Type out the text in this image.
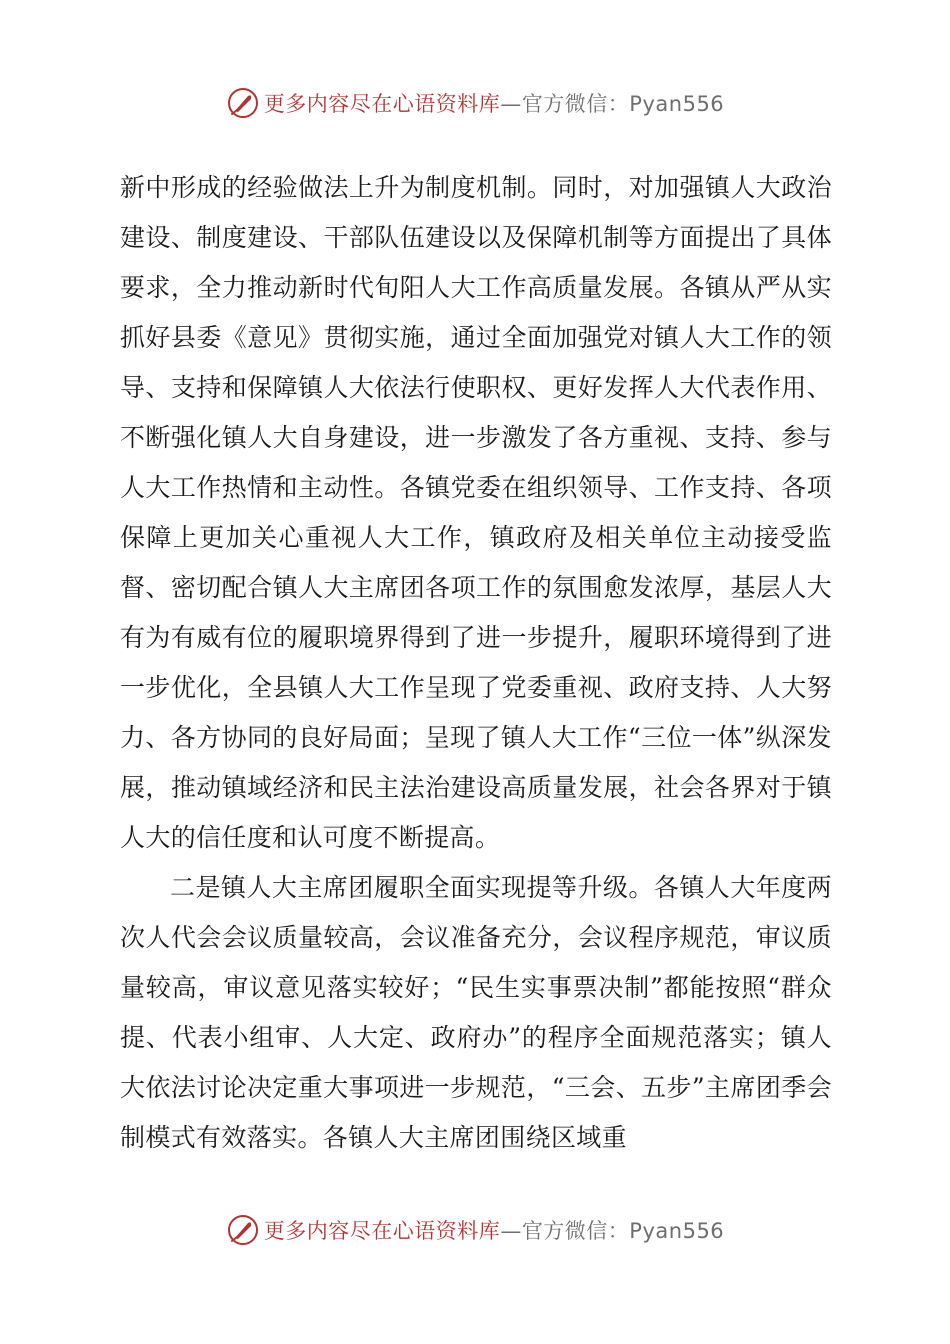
更多内容尽在心语资料库—官方微信：Pyan556

新中形成的经验做法上升为制度机制。同时，对加强镇人大政治建设、制度建设、干部队伍建设以及保障机制等方面提出了具体要求，全力推动新时代旬阳人大工作高质量发展。各镇从严从实抓好县委《意见》贯彻实施，通过全面加强党对镇人大工作的领导、支持和保障镇人大依法行使职权、更好发挥人大代表作用、不断强化镇人大自身建设，进一步激发了各方重视、支持、参与人大工作热情和主动性。各镇党委在组织领导、工作支持、各项保障上更加关心重视人大工作，镇政府及相关单位主动接受监督、密切配合镇人大主席团各项工作的氛围愈发浓厚，基层人大有为有威有位的履职境界得到了进一步提升，履职环境得到了进一步优化，全县镇人大工作呈现了党委重视、政府支持、人大努力、各方协同的良好局面；呈现了镇人大工作“三位一体”纵深发展，推动镇域经济和民主法治建设高质量发展，社会各界对于镇人大的信任度和认可度不断提高。

二是镇人大主席团履职全面实现提等升级。各镇人大年度两次人代会会议质量较高，会议准备充分，会议程序规范，审议质量较高，审议意见落实较好；“民生实事票决制”都能按照“群众提、代表小组审、人大定、政府办”的程序全面规范落实；镇人大依法讨论决定重大事项进一步规范，“三会、五步”主席团季会制模式有效落实。各镇人大主席团围绕区域重

更多内容尽在心语资料库—官方微信：Pyan556
